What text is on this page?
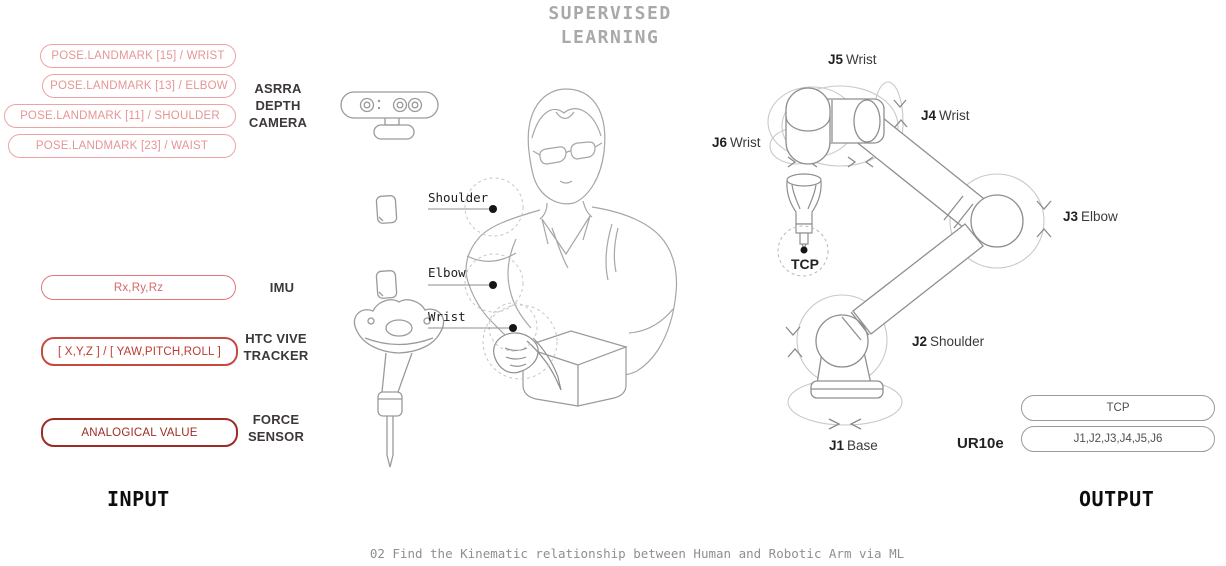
SUPERVISED
LEARNING
POSE.LANDMARK [15] / WRIST
POSE.LANDMARK [13] / ELBOW
POSE.LANDMARK [11] / SHOULDER
POSE.LANDMARK [23] / WAIST
Rx,Ry,Rz
[ X,Y,Z ] / [ YAW,PITCH,ROLL ]
ANALOGICAL VALUE
ASRRA DEPTH CAMERA
IMU
HTC VIVE TRACKER
FORCE SENSOR
Shoulder
Elbow
Wrist
J5 Wrist
J4 Wrist
J6 Wrist
J3 Elbow
J2 Shoulder
J1 Base
TCP
UR10e
TCP
J1,J2,J3,J4,J5,J6
INPUT	OUTPUT
02 Find the Kinematic relationship between Human and Robotic Arm via ML
